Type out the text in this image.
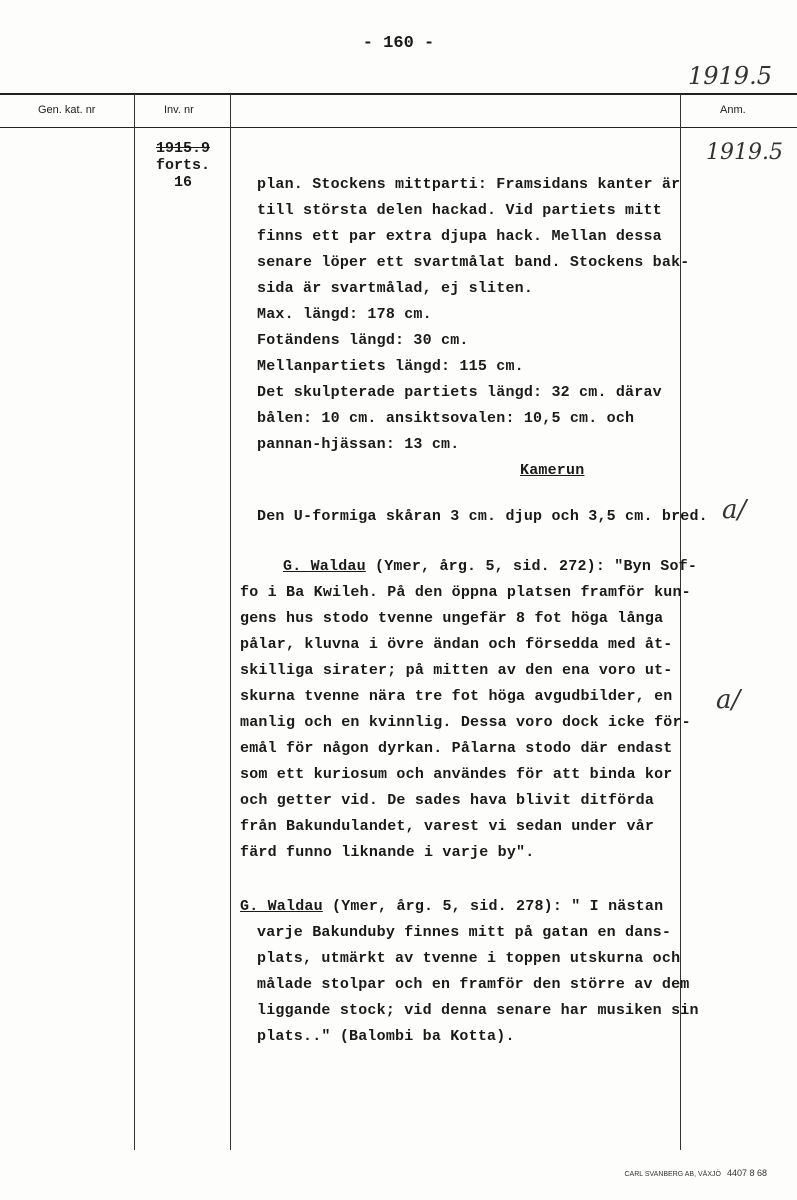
- 160 -
1919.5
Gen. kat. nr	Inv. nr	Anm.
1915.9
forts.
16
1919.5
a/
a/
plan. Stockens mittparti: Framsidans kanter är
till största delen hackad. Vid partiets mitt
finns ett par extra djupa hack. Mellan dessa
senare löper ett svartmålat band. Stockens bak-
sida är svartmålad, ej sliten.
Max. längd: 178 cm.
Fotändens längd: 30 cm.
Mellanpartiets längd: 115 cm.
Det skulpterade partiets längd: 32 cm. därav
bålen: 10 cm. ansiktsovalen: 10,5 cm. och
pannan-hjässan: 13 cm.
Kamerun
Den U-formiga skåran 3 cm. djup och 3,5 cm. bred.
G. Waldau (Ymer, årg. 5, sid. 272): "Byn Sof-
fo i Ba Kwileh. På den öppna platsen framför kun-
gens hus stodo tvenne ungefär 8 fot höga långa
pålar, kluvna i övre ändan och försedda med åt-
skilliga sirater; på mitten av den ena voro ut-
skurna tvenne nära tre fot höga avgudbilder, en
manlig och en kvinnlig. Dessa voro dock icke för-
emål för någon dyrkan. Pålarna stodo där endast
som ett kuriosum och användes för att binda kor
och getter vid. De sades hava blivit ditförda
från Bakundulandet, varest vi sedan under vår
färd funno liknande i varje by".
G. Waldau (Ymer, årg. 5, sid. 278): " I nästan
varje Bakunduby finnes mitt på gatan en dans-
plats, utmärkt av tvenne i toppen utskurna och
målade stolpar och en framför den större av dem
liggande stock; vid denna senare har musiken sin
plats.." (Balombi ba Kotta).
CARL SVANBERG AB, VÄXJÖ 4407 8 68
